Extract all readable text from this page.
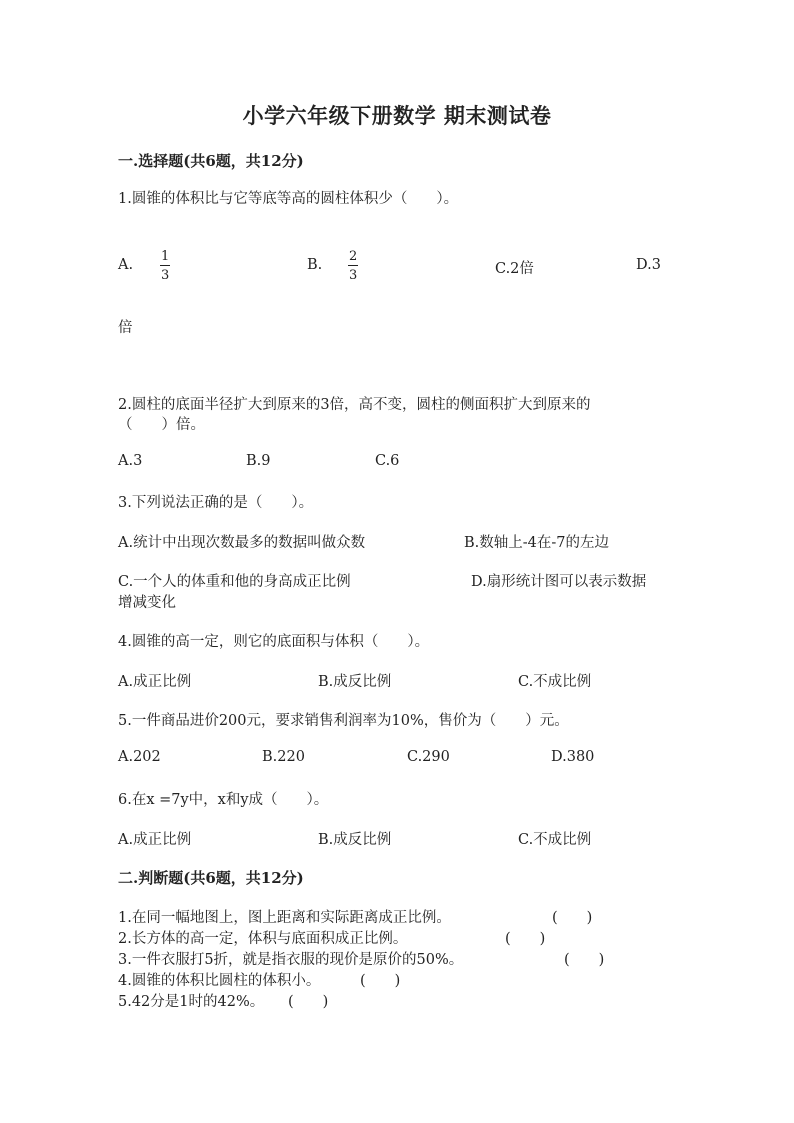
小学六年级下册数学 期末测试卷
一.选择题(共6题，共12分)
1.圆锥的体积比与它等底等高的圆柱体积少（　　）。
A. $\frac{1}{3}$	B. $\frac{2}{3}$	C.2倍	D.3
倍
2.圆柱的底面半径扩大到原来的3倍，高不变，圆柱的侧面积扩大到原来的
（　　）倍。
A.3	B.9	C.6
3.下列说法正确的是（　　）。
A.统计中出现次数最多的数据叫做众数	B.数轴上-4在-7的左边
C.一个人的体重和他的身高成正比例	D.扇形统计图可以表示数据
增减变化
4.圆锥的高一定，则它的底面积与体积（　　）。
A.成正比例	B.成反比例	C.不成比例
5.一件商品进价200元，要求销售利润率为10%，售价为（　　）元。
A.202	B.220	C.290	D.380
6.在x =7y中，x和y成（　　）。
A.成正比例	B.成反比例	C.不成比例
二.判断题(共6题，共12分)
1.在同一幅地图上，图上距离和实际距离成正比例。	(　　)
2.长方体的高一定，体积与底面积成正比例。	(　　)
3.一件衣服打5折，就是指衣服的现价是原价的50%。	(　　)
4.圆锥的体积比圆柱的体积小。	(　　)
5.42分是1时的42%。 (　　)
